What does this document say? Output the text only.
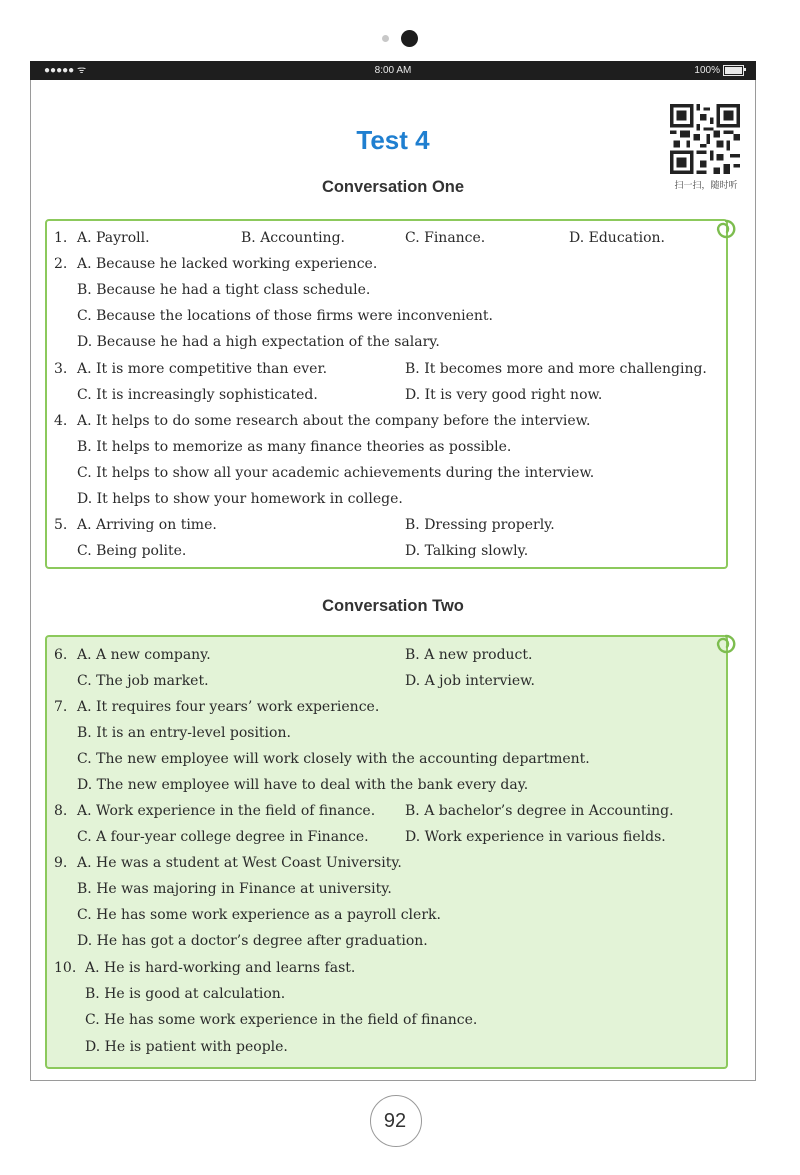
●●●●● ᯤ	8:00 AM	100%
Test 4
扫一扫，随时听
Conversation One
Conversation Two
1. A. Payroll.	B. Accounting.	C. Finance.	D. Education.
2. A. Because he lacked working experience.
B. Because he had a tight class schedule.
C. Because the locations of those firms were inconvenient.
D. Because he had a high expectation of the salary.
3. A. It is more competitive than ever.	B. It becomes more and more challenging.
C. It is increasingly sophisticated.	D. It is very good right now.
4. A. It helps to do some research about the company before the interview.
B. It helps to memorize as many finance theories as possible.
C. It helps to show all your academic achievements during the interview.
D. It helps to show your homework in college.
5. A. Arriving on time.	B. Dressing properly.
C. Being polite.	D. Talking slowly.
6. A. A new company.	B. A new product.
C. The job market.	D. A job interview.
7. A. It requires four years’ work experience.
B. It is an entry-level position.
C. The new employee will work closely with the accounting department.
D. The new employee will have to deal with the bank every day.
8. A. Work experience in the field of finance. B. A bachelor’s degree in Accounting.
C. A four-year college degree in Finance.	D. Work experience in various fields.
9. A. He was a student at West Coast University.
B. He was majoring in Finance at university.
C. He has some work experience as a payroll clerk.
D. He has got a doctor’s degree after graduation.
10. A. He is hard-working and learns fast.
B. He is good at calculation.
C. He has some work experience in the field of finance.
D. He is patient with people.
92
